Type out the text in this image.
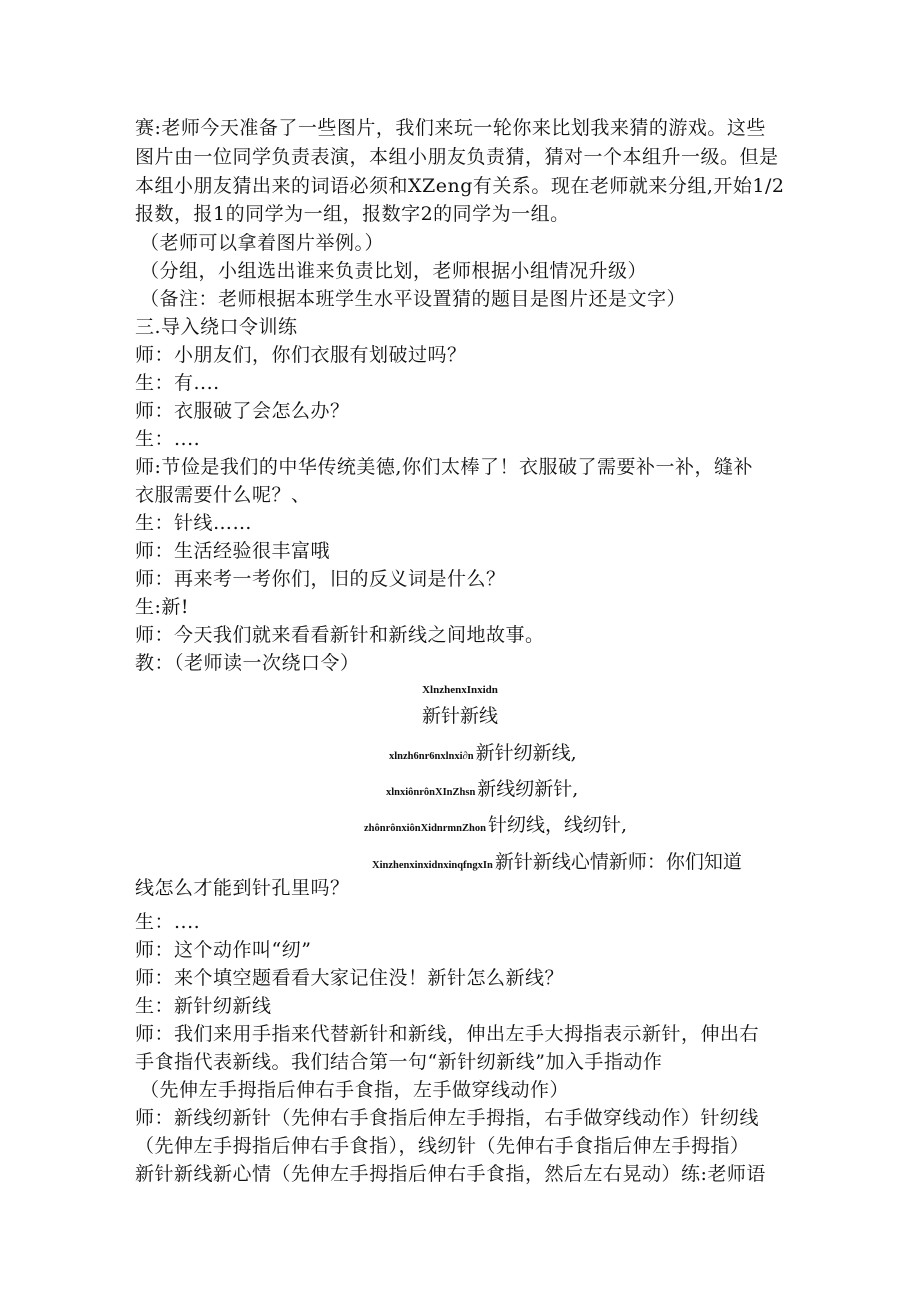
赛:老师今天准备了一些图片，我们来玩一轮你来比划我来猜的游戏。这些
图片由一位同学负责表演，本组小朋友负责猜，猜对一个本组升一级。但是
本组小朋友猜出来的词语必须和XZeng有关系。现在老师就来分组,开始1/2
报数，报1的同学为一组，报数字2的同学为一组。
（老师可以拿着图片举例。）
（分组，小组选出谁来负责比划，老师根据小组情况升级）
（备注：老师根据本班学生水平设置猜的题目是图片还是文字）
三.导入绕口令训练
师：小朋友们，你们衣服有划破过吗？
生：有....
师：衣服破了会怎么办？
生：....
师:节俭是我们的中华传统美德,你们太棒了！衣服破了需要补一补，缝补
衣服需要什么呢？、
生：针线……
师：生活经验很丰富哦
师：再来考一考你们，旧的反义词是什么？
生:新!
师：今天我们就来看看新针和新线之间地故事。
教：（老师读一次绕口令）
XlnzhenxInxidn
新针新线
xlnzh6nr6nxlnxi∂n 新针纫新线,
xlnxiônrônXInZhsn 新线纫新针,
zhônrônxiônXidnrmnZhon 针纫线，线纫针,
XinzhenxinxidnxinqfngxIn 新针新线心情新师：你们知道
线怎么才能到针孔里吗？
生：....
师：这个动作叫“纫”
师：来个填空题看看大家记住没！新针怎么新线？
生：新针纫新线
师：我们来用手指来代替新针和新线，伸出左手大拇指表示新针，伸出右
手食指代表新线。我们结合第一句“新针纫新线”加入手指动作
（先伸左手拇指后伸右手食指，左手做穿线动作）
师：新线纫新针（先伸右手食指后伸左手拇指，右手做穿线动作）针纫线
（先伸左手拇指后伸右手食指），线纫针（先伸右手食指后伸左手拇指）
新针新线新心情（先伸左手拇指后伸右手食指，然后左右晃动）练:老师语
